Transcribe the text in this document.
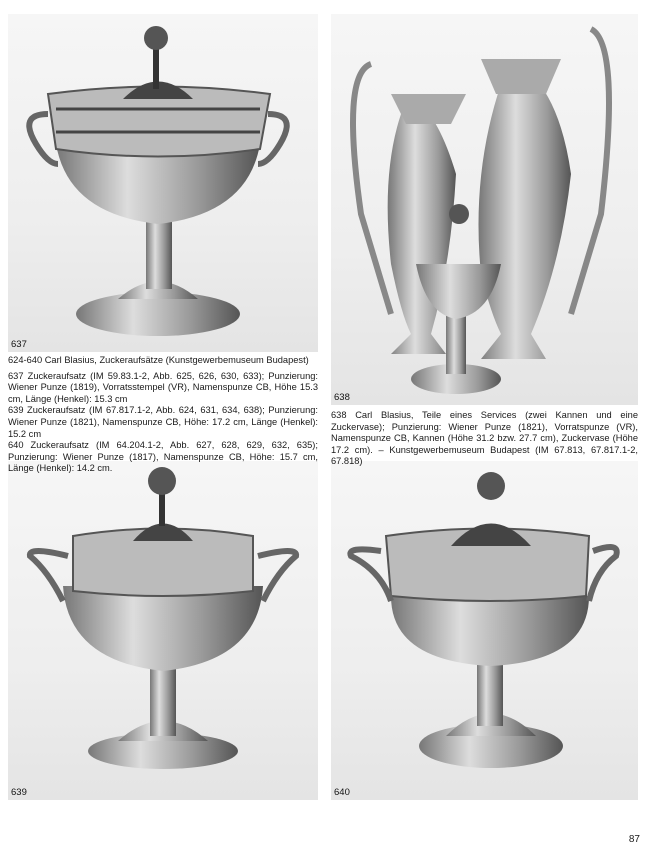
637
638
639	640

624-640 Carl Blasius, Zuckeraufsätze (Kunstgewerbemuseum Budapest)

637 Zuckeraufsatz (IM 59.83.1-2, Abb. 625, 626, 630, 633); Punzierung: Wiener Punze (1819), Vorratsstempel (VR), Namenspunze CB, Höhe 15.3 cm, Länge (Henkel): 15.3 cm

639 Zuckeraufsatz (IM 67.817.1-2, Abb. 624, 631, 634, 638); Punzierung: Wiener Punze (1821), Namenspunze CB, Höhe: 17.2 cm, Länge (Henkel): 15.2 cm

640 Zuckeraufsatz (IM 64.204.1-2, Abb. 627, 628, 629, 632, 635); Punzierung: Wiener Punze (1817), Namenspunze CB, Höhe: 15.7 cm, Länge (Henkel): 14.2 cm.

638 Carl Blasius, Teile eines Services (zwei Kannen und eine Zuckervase); Punzierung: Wiener Punze (1821), Vorratspunze (VR), Namenspunze CB, Kannen (Höhe 31.2 bzw. 27.7 cm), Zuckervase (Höhe 17.2 cm). – Kunstgewerbemuseum Budapest (IM 67.813, 67.817.1-2, 67.818)

87
